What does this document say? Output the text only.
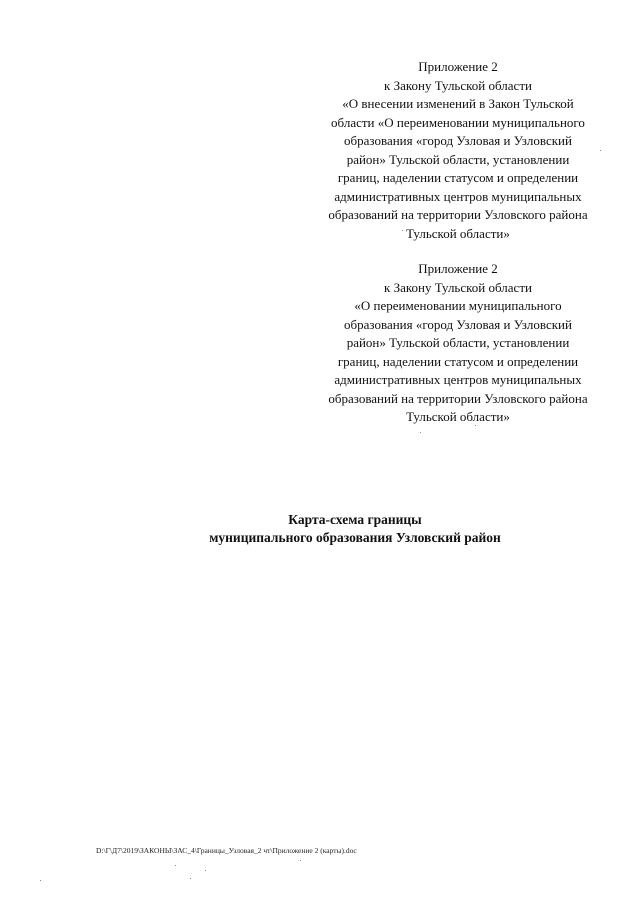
Приложение 2
к Закону Тульской области
«О внесении изменений в Закон Тульской
области «О переименовании муниципального
образования «город Узловая и Узловский
район» Тульской области, установлении
границ, наделении статусом и определении
административных центров муниципальных
образований на территории Узловского района
Тульской области»
Приложение 2
к Закону Тульской области
«О переименовании муниципального
образования «город Узловая и Узловский
район» Тульской области, установлении
границ, наделении статусом и определении
административных центров муниципальных
образований на территории Узловского района
Тульской области»
Карта-схема границы
муниципального образования Узловский район
D:\Г\Д7\2019\ЗАКОНЫ\ЗАС_4\Границы_Узловая_2 чт\Приложение 2 (карты).doc
